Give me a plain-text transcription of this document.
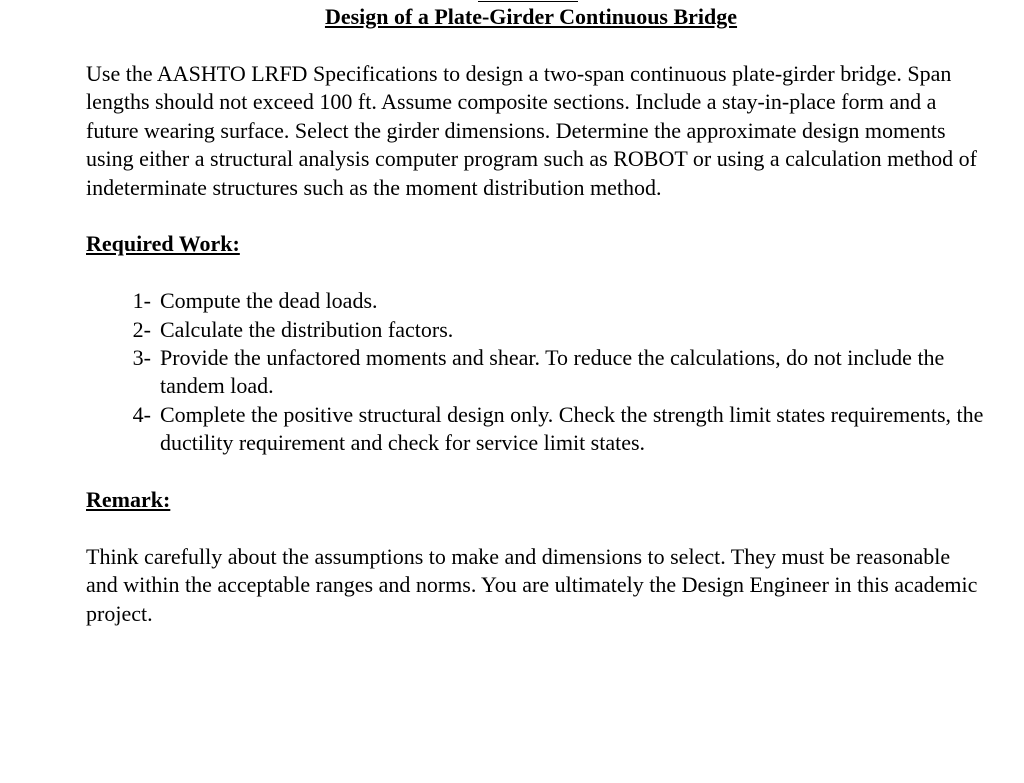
Design of a Plate-Girder Continuous Bridge

Use the AASHTO LRFD Specifications to design a two-span continuous plate-girder bridge. Span lengths should not exceed 100 ft. Assume composite sections. Include a stay-in-place form and a future wearing surface. Select the girder dimensions. Determine the approximate design moments using either a structural analysis computer program such as ROBOT or using a calculation method of indeterminate structures such as the moment distribution method.

Required Work:

1- Compute the dead loads.
2- Calculate the distribution factors.
3- Provide the unfactored moments and shear. To reduce the calculations, do not include the tandem load.
4- Complete the positive structural design only. Check the strength limit states requirements, the ductility requirement and check for service limit states.

Remark:

Think carefully about the assumptions to make and dimensions to select. They must be reasonable and within the acceptable ranges and norms. You are ultimately the Design Engineer in this academic project.
